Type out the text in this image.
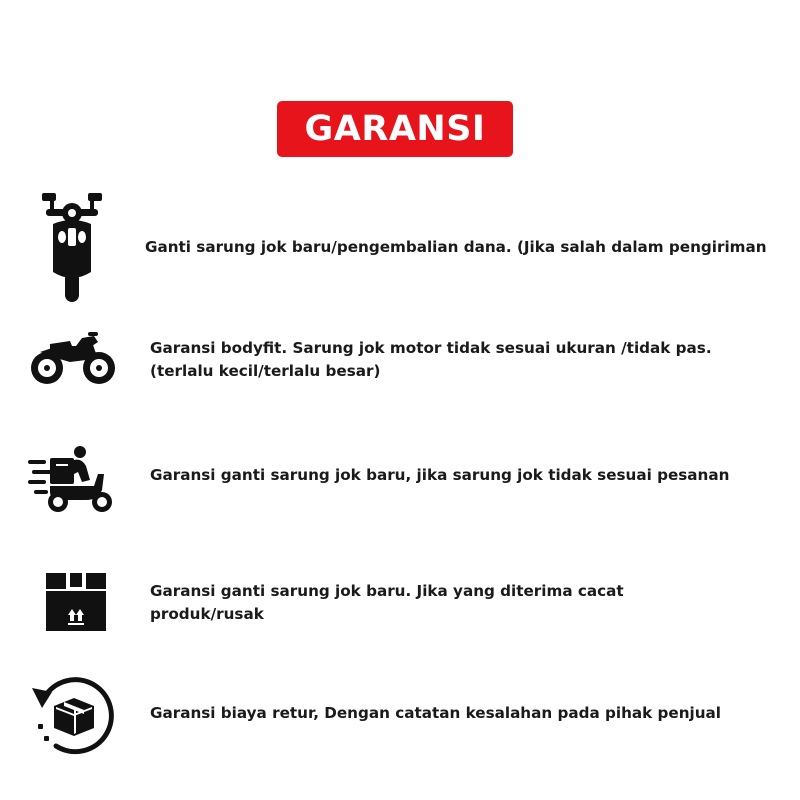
GARANSI
Ganti sarung jok baru/pengembalian dana. (Jika salah dalam pengiriman
Garansi bodyfit. Sarung jok motor tidak sesuai ukuran /tidak pas.
(terlalu kecil/terlalu besar)
Garansi ganti sarung jok baru, jika sarung jok tidak sesuai pesanan
Garansi ganti sarung jok baru. Jika yang diterima cacat
produk/rusak
Garansi biaya retur, Dengan catatan kesalahan pada pihak penjual
